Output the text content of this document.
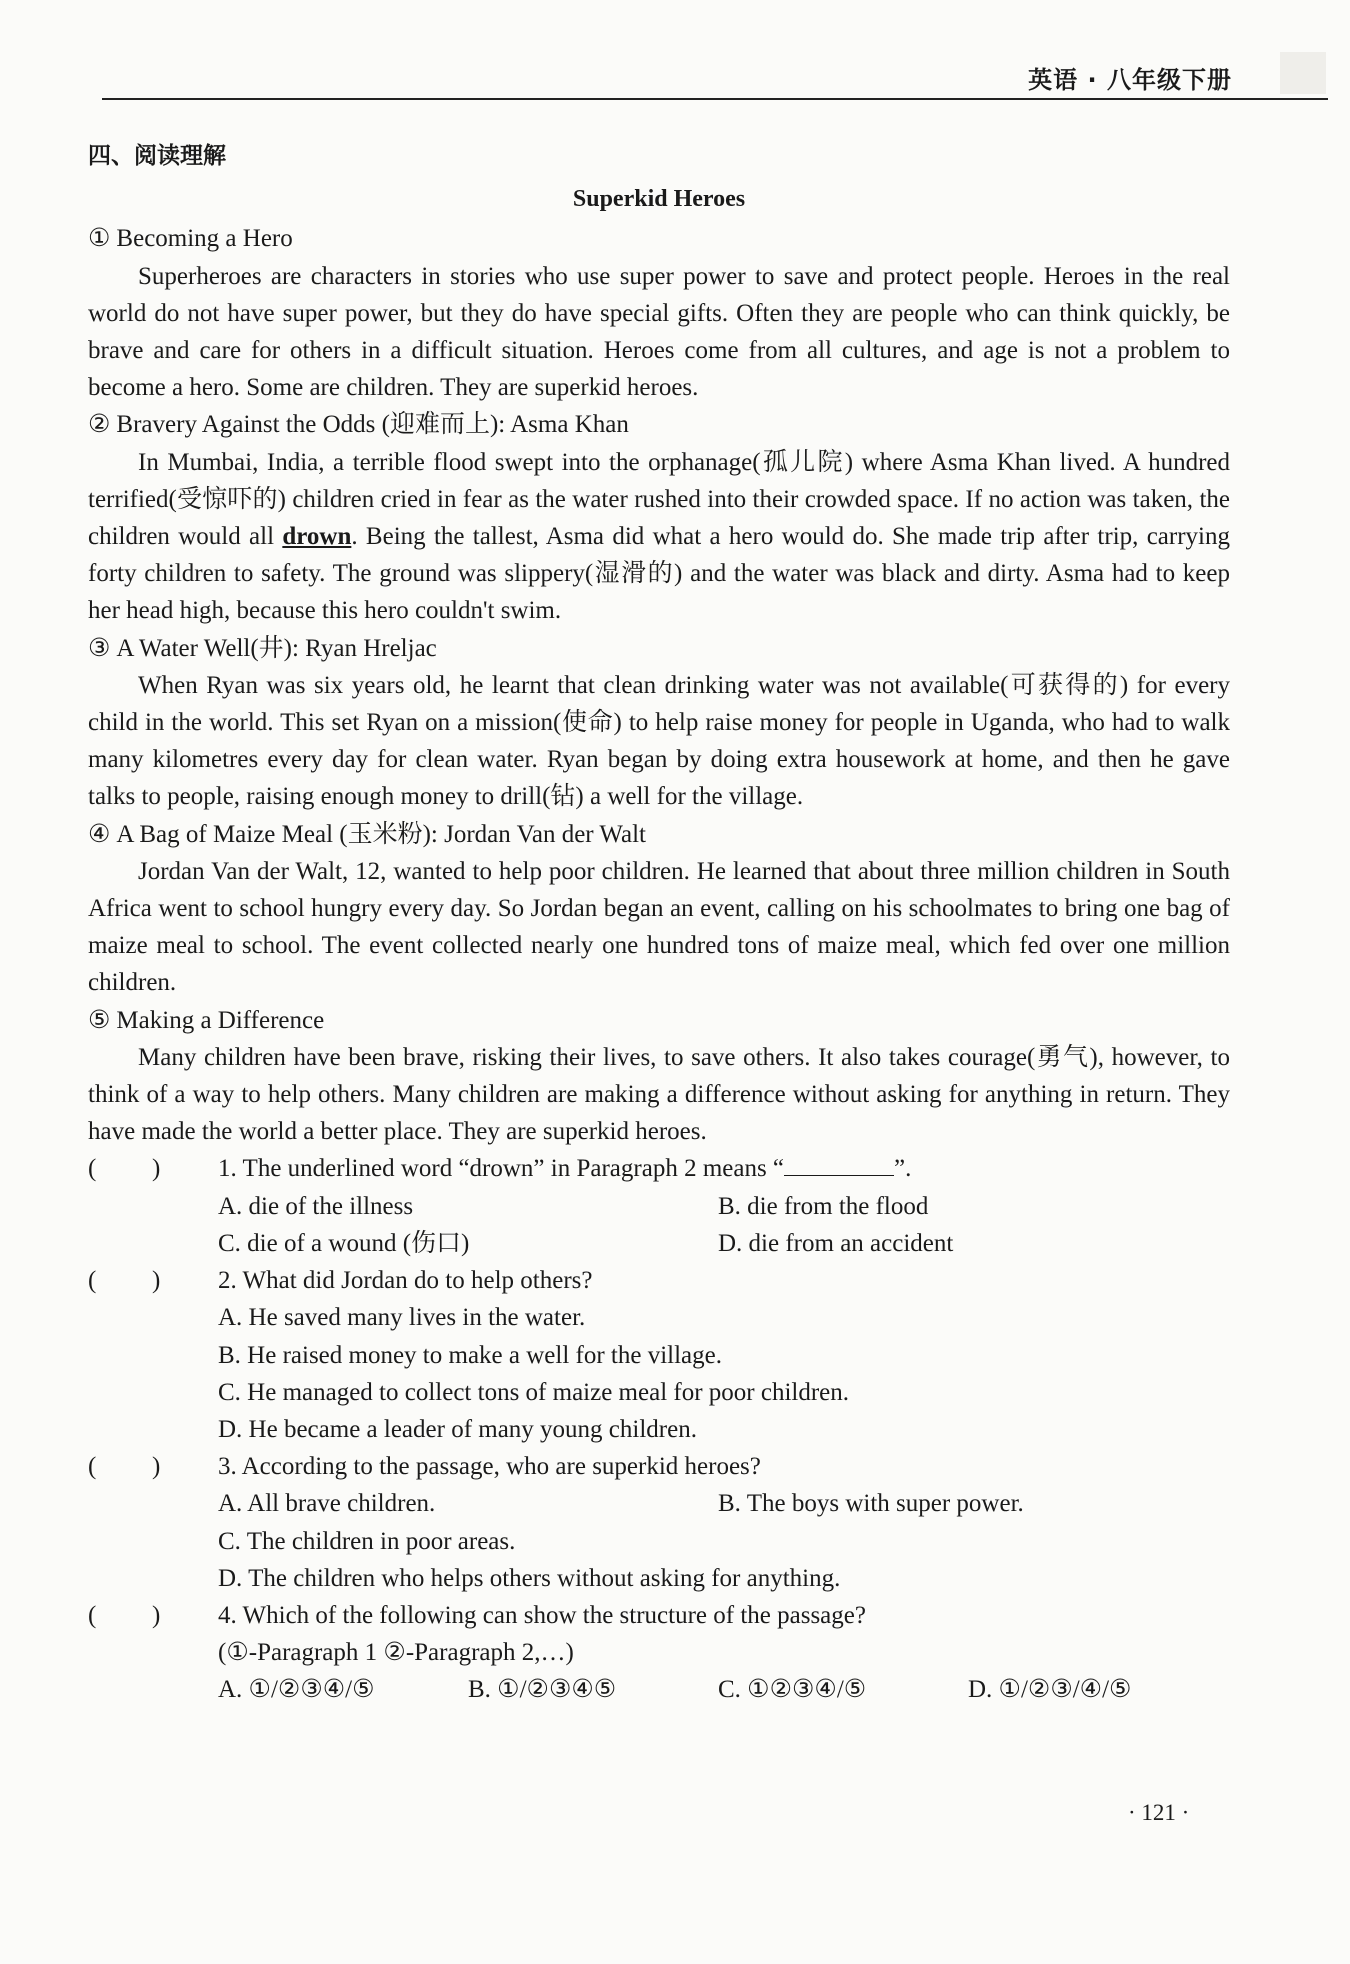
英语 · 八年级下册
四、阅读理解
Superkid Heroes

① Becoming a Hero

Superheroes are characters in stories who use super power to save and protect people. Heroes in the real world do not have super power, but they do have special gifts. Often they are people who can think quickly, be brave and care for others in a difficult situation. Heroes come from all cultures, and age is not a problem to become a hero. Some are children. They are superkid heroes.

② Bravery Against the Odds (迎难而上): Asma Khan

In Mumbai, India, a terrible flood swept into the orphanage(孤儿院) where Asma Khan lived. A hundred terrified(受惊吓的) children cried in fear as the water rushed into their crowded space. If no action was taken, the children would all drown. Being the tallest, Asma did what a hero would do. She made trip after trip, carrying forty children to safety. The ground was slippery(湿滑的) and the water was black and dirty. Asma had to keep her head high, because this hero couldn't swim.

③ A Water Well(井): Ryan Hreljac

When Ryan was six years old, he learnt that clean drinking water was not available(可获得的) for every child in the world. This set Ryan on a mission(使命) to help raise money for people in Uganda, who had to walk many kilometres every day for clean water. Ryan began by doing extra housework at home, and then he gave talks to people, raising enough money to drill(钻) a well for the village.

④ A Bag of Maize Meal (玉米粉): Jordan Van der Walt

Jordan Van der Walt, 12, wanted to help poor children. He learned that about three million children in South Africa went to school hungry every day. So Jordan began an event, calling on his schoolmates to bring one bag of maize meal to school. The event collected nearly one hundred tons of maize meal, which fed over one million children.

⑤ Making a Difference

Many children have been brave, risking their lives, to save others. It also takes courage(勇气), however, to think of a way to help others. Many children are making a difference without asking for anything in return. They have made the world a better place. They are superkid heroes.

( ) 1. The underlined word “drown” in Paragraph 2 means “	”.

A. die of the illness	B. die from the flood
C. die of a wound (伤口)	D. die from an accident
( ) 2. What did Jordan do to help others?

A. He saved many lives in the water.
B. He raised money to make a well for the village.
C. He managed to collect tons of maize meal for poor children.
D. He became a leader of many young children.
( ) 3. According to the passage, who are superkid heroes?

A. All brave children.	B. The boys with super power.
C. The children in poor areas.
D. The children who helps others without asking for anything.
( ) 4. Which of the following can show the structure of the passage?

(①-Paragraph 1 ②-Paragraph 2,…)
A. ①/②③④/⑤	B. ①/②③④⑤	C. ①②③④/⑤	D. ①/②③/④/⑤
· 121 ·
